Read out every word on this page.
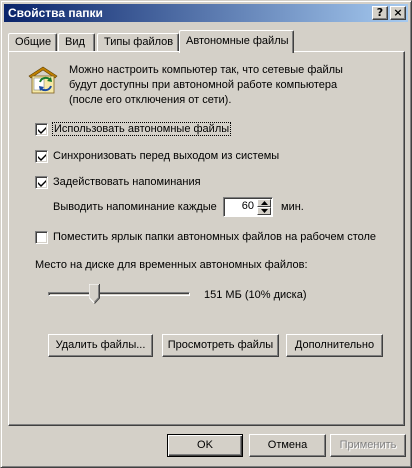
Свойства папки	? ×
Общие	Вид	Типы файлов	Автономные файлы
Можно настроить компьютер так, что сетевые файлы
будут доступны при автономной работе компьютера
(после его отключения от сети).
Использовать автономные файлы
Синхронизовать перед выходом из системы
Задействовать напоминания
Выводить напоминание каждые 60 мин.
Поместить ярлык папки автономных файлов на рабочем столе
Место на диске для временных автономных файлов:
151 МБ (10% диска)
Удалить файлы...	Просмотреть файлы	Дополнительно
OK	Отмена	Применить
